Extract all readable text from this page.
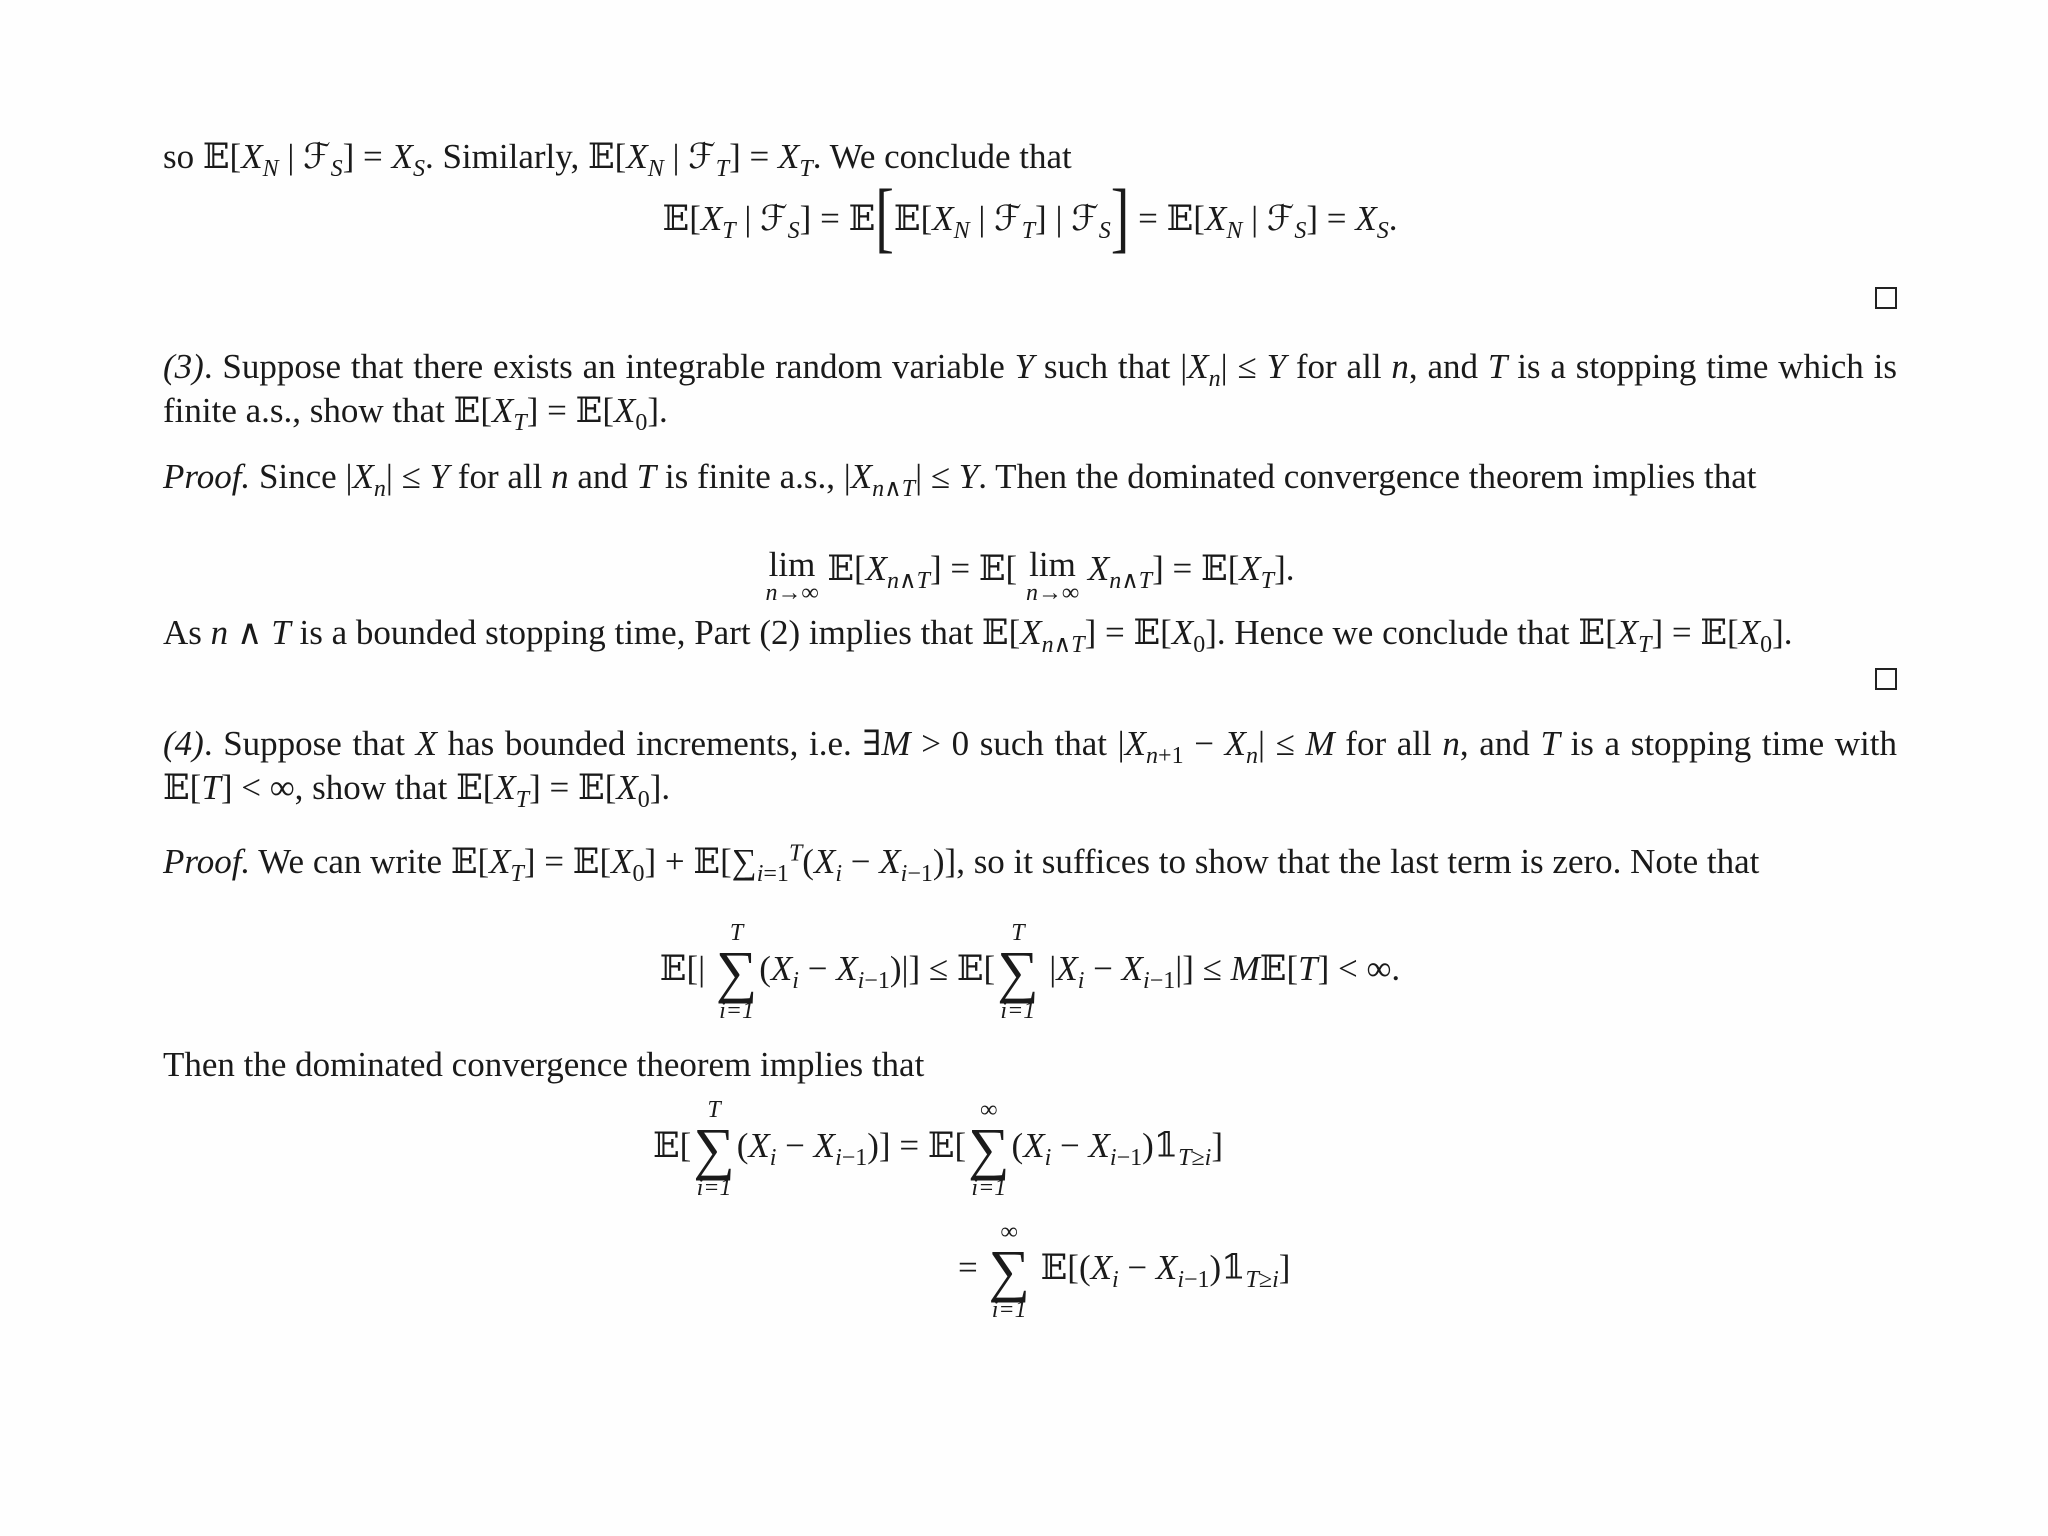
so $𝔼[X_N$ | ℱ$_S$] = $X_S$. Similarly, $𝔼[X_N$ | ℱ$_T$] = $X_T$. We conclude that
$𝔼[X_T$ | ℱ$_S$] = $𝔼[𝔼[X_N$ | ℱ$_T$] | ℱ$_S$] = $𝔼[X_N$ | ℱ$_S$] = $X_S$.
(3). Suppose that there exists an integrable random variable Y such that $|X_n| \le Y$ for all n, and T is a stopping time which is finite a.s., show that $𝔼[X_T]$ = $𝔼[X_0]$.
Proof. Since $|X_n| \le Y$ for all n and T is finite a.s., $|X_{n\wedge T}| \le Y$. Then the dominated convergence theorem implies that
lim
n→∞
$𝔼[X_{n\wedge T}]$ = 𝔼[ lim
n→∞
$X_{n\wedge T}$] = $𝔼[X_T]$.
As n ∧ T is a bounded stopping time, Part (2) implies that $𝔼[X_{n\wedge T}]$ = $𝔼[X_0]$. Hence we conclude that $𝔼[X_T]$ = $𝔼[X_0]$.
(4). Suppose that X has bounded increments, i.e. ∃M > 0 such that $|X_{n+1} - X_n| \le M$ for all n, and T is a stopping time with 𝔼[T] < ∞, show that $𝔼[X_T]$ = $𝔼[X_0]$.
Proof. We can write $𝔼[X_T]$ = $𝔼[X_0]$ + $𝔼[\sum_{i=1}^T(X_i - X_{i-1})]$, so it suffices to show that the last term is zero. Note that
𝔼[|
T
∑
i=1
$(X_i - X_{i-1})|$] ≤ 𝔼[
T
∑
i=1
$|X_i - X_{i-1}|$] ≤ M𝔼[T] < ∞.
Then the dominated convergence theorem implies that
𝔼[
T
∑
i=1
$(X_i - X_{i-1})$] = 𝔼[
∞
∑
i=1
($X_i$ − $X_{i-1})𝟙_{T\ge i}$]
=
∞
∑
i=1
$𝔼[(X_i$ − $X_{i-1})𝟙_{T\ge i}$]
